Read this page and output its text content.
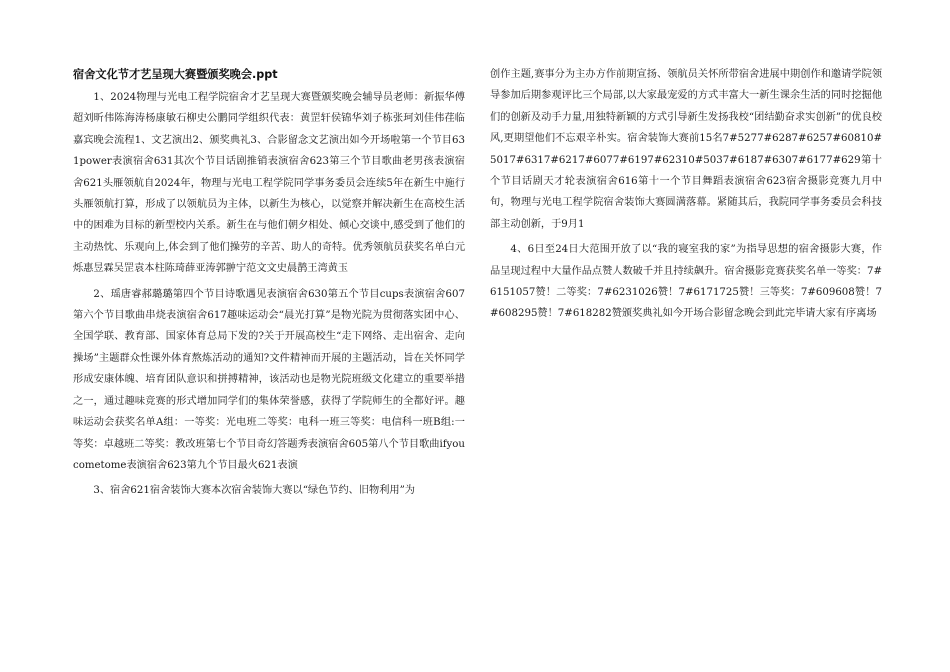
宿舍文化节才艺呈现大赛暨颁奖晚会.ppt

1、2024物理与光电工程学院宿舍才艺呈现大赛暨颁奖晚会辅导员老师：新振华傅超刘昕伟陈海涛杨康敏石柳史公鹏同学组织代表：黄罡轩侯锦华刘子栋张珂刘佳伟荏临嘉宾晚会流程1、文艺演出2、颁奖典礼3、合影留念文艺演出如今开场啦第一个节目631power表演宿舍631其次个节目话剧推销表演宿舍623第三个节目歌曲老男孩表演宿舍621头雁领航自2024年，物理与光电工程学院同学事务委员会连续5年在新生中施行头雁领航打算，形成了以领航员为主体，以新生为核心，以觉察并解决新生在高校生活中的困难为目标的新型校内关系。新生在与他们朝夕相处、倾心交谈中,感受到了他们的主动热忱、乐观向上,体会到了他们操劳的辛苦、助人的奇特。优秀领航员获奖名单白元烁惠昱霖吴罡袁本柱陈琦薛亚涛郭翀宁范文文史晨鹊王湾黄玉

2、瑶唐睿郝璐璐第四个节目诗歌遇见表演宿舍630第五个节目cups表演宿舍607第六个节目歌曲串烧表演宿舍617趣味运动会“晨光打算”是物光院为贯彻落实团中心、全国学联、教育部、国家体育总局下发的?关于开展高校生“走下网络、走出宿舍、走向操场”主题群众性课外体育熬炼活动的通知?文件精神而开展的主题活动，旨在关怀同学形成安康体魄、培育团队意识和拼搏精神，该活动也是物光院班级文化建立的重要举措之一，通过趣味竞赛的形式增加同学们的集体荣誉感，获得了学院师生的全都好评。趣味运动会获奖名单A组：一等奖：光电班二等奖：电科一班三等奖：电信科一班B组:一等奖：卓越班二等奖：教改班第七个节目奇幻答题秀表演宿舍605第八个节目歌曲ifyoucometome表演宿舍623第九个节目最火621表演

3、宿舍621宿舍装饰大赛本次宿舍装饰大赛以“绿色节约、旧物利用”为

创作主题,赛事分为主办方作前期宣扬、领航员关怀所带宿舍进展中期创作和邀请学院领导参加后期参观评比三个局部,以大家最宠爱的方式丰富大一新生课余生活的同时挖掘他们的创新及动手力量,用独特新颖的方式引导新生发扬我校“团结勤奋求实创新”的优良校风,更期望他们不忘艰辛朴实。宿舍装饰大赛前15名7#5277#6287#6257#60810#5017#6317#6217#6077#6197#62310#5037#6187#6307#6177#629第十个节目话剧天才轮表演宿舍616第十一个节目舞蹈表演宿舍623宿舍摄影竞赛九月中旬，物理与光电工程学院宿舍装饰大赛圆满落幕。紧随其后，我院同学事务委员会科技部主动创新，于9月1

4、6日至24日大范围开放了以“我的寝室我的家”为指导思想的宿舍摄影大赛，作品呈现过程中大量作品点赞人数破千并且持续飙升。宿舍摄影竞赛获奖名单一等奖：7#6151057赞！二等奖：7#6231026赞！7#6171725赞！三等奖：7#609608赞！7#608295赞！7#618282赞颁奖典礼如今开场合影留念晚会到此完毕请大家有序离场
